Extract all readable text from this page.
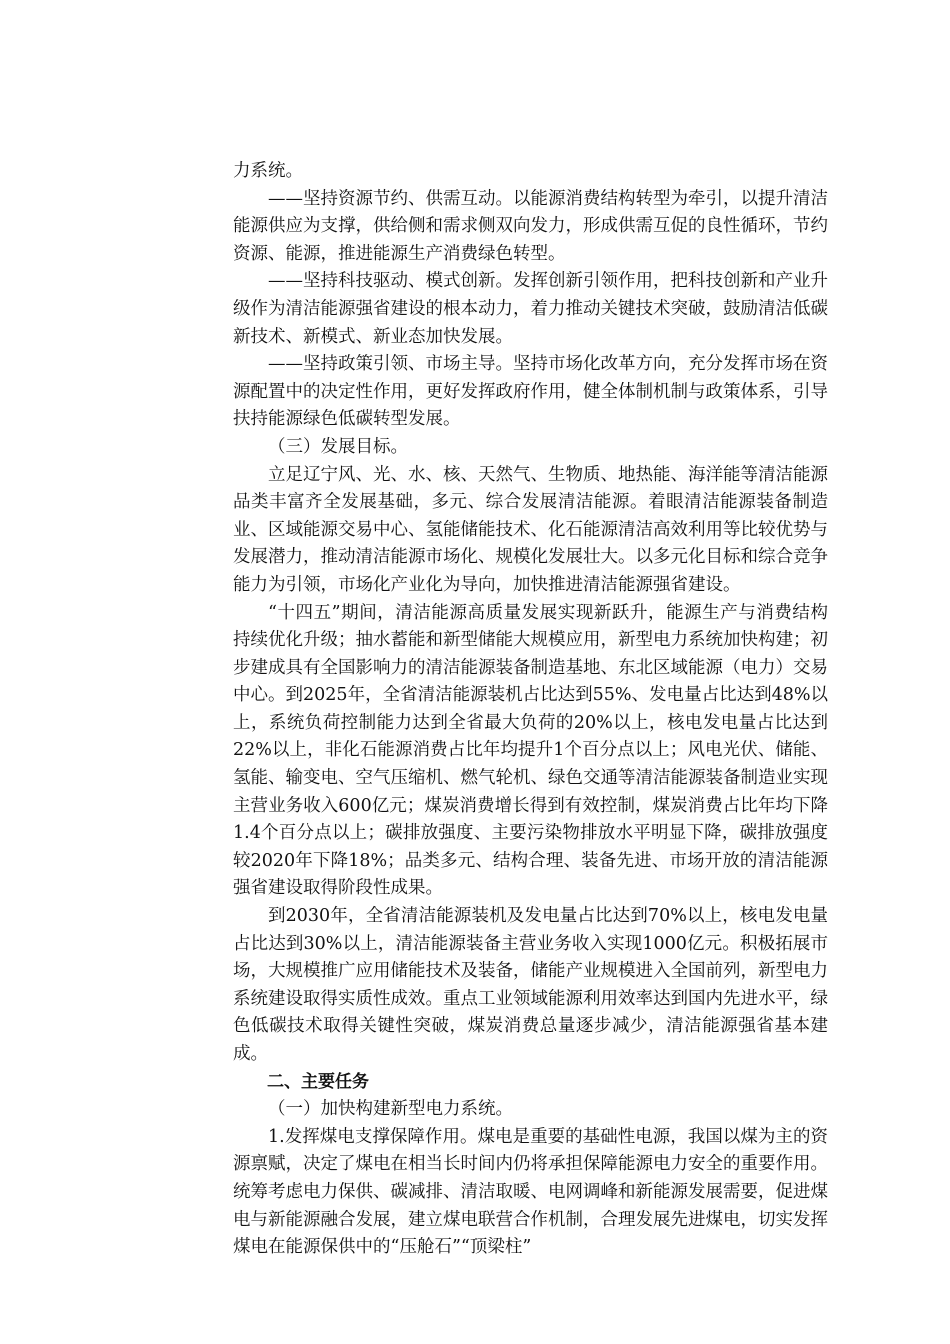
力系统。

——坚持资源节约、供需互动。以能源消费结构转型为牵引，以提升清洁能源供应为支撑，供给侧和需求侧双向发力，形成供需互促的良性循环，节约资源、能源，推进能源生产消费绿色转型。

——坚持科技驱动、模式创新。发挥创新引领作用，把科技创新和产业升级作为清洁能源强省建设的根本动力，着力推动关键技术突破，鼓励清洁低碳新技术、新模式、新业态加快发展。

——坚持政策引领、市场主导。坚持市场化改革方向，充分发挥市场在资源配置中的决定性作用，更好发挥政府作用，健全体制机制与政策体系，引导扶持能源绿色低碳转型发展。

（三）发展目标。

立足辽宁风、光、水、核、天然气、生物质、地热能、海洋能等清洁能源品类丰富齐全发展基础，多元、综合发展清洁能源。着眼清洁能源装备制造业、区域能源交易中心、氢能储能技术、化石能源清洁高效利用等比较优势与发展潜力，推动清洁能源市场化、规模化发展壮大。以多元化目标和综合竞争能力为引领，市场化产业化为导向，加快推进清洁能源强省建设。

“十四五”期间，清洁能源高质量发展实现新跃升，能源生产与消费结构持续优化升级；抽水蓄能和新型储能大规模应用，新型电力系统加快构建；初步建成具有全国影响力的清洁能源装备制造基地、东北区域能源（电力）交易中心。到2025年，全省清洁能源装机占比达到55%、发电量占比达到48%以上，系统负荷控制能力达到全省最大负荷的20%以上，核电发电量占比达到22%以上，非化石能源消费占比年均提升1个百分点以上；风电光伏、储能、氢能、输变电、空气压缩机、燃气轮机、绿色交通等清洁能源装备制造业实现主营业务收入600亿元；煤炭消费增长得到有效控制，煤炭消费占比年均下降1.4个百分点以上；碳排放强度、主要污染物排放水平明显下降，碳排放强度较2020年下降18%；品类多元、结构合理、装备先进、市场开放的清洁能源强省建设取得阶段性成果。

到2030年，全省清洁能源装机及发电量占比达到70%以上，核电发电量占比达到30%以上，清洁能源装备主营业务收入实现1000亿元。积极拓展市场，大规模推广应用储能技术及装备，储能产业规模进入全国前列，新型电力系统建设取得实质性成效。重点工业领域能源利用效率达到国内先进水平，绿色低碳技术取得关键性突破，煤炭消费总量逐步减少，清洁能源强省基本建成。

二、主要任务

（一）加快构建新型电力系统。

1.发挥煤电支撑保障作用。煤电是重要的基础性电源，我国以煤为主的资源禀赋，决定了煤电在相当长时间内仍将承担保障能源电力安全的重要作用。统筹考虑电力保供、碳减排、清洁取暖、电网调峰和新能源发展需要，促进煤电与新能源融合发展，建立煤电联营合作机制，合理发展先进煤电，切实发挥煤电在能源保供中的“压舱石”“顶梁柱”
